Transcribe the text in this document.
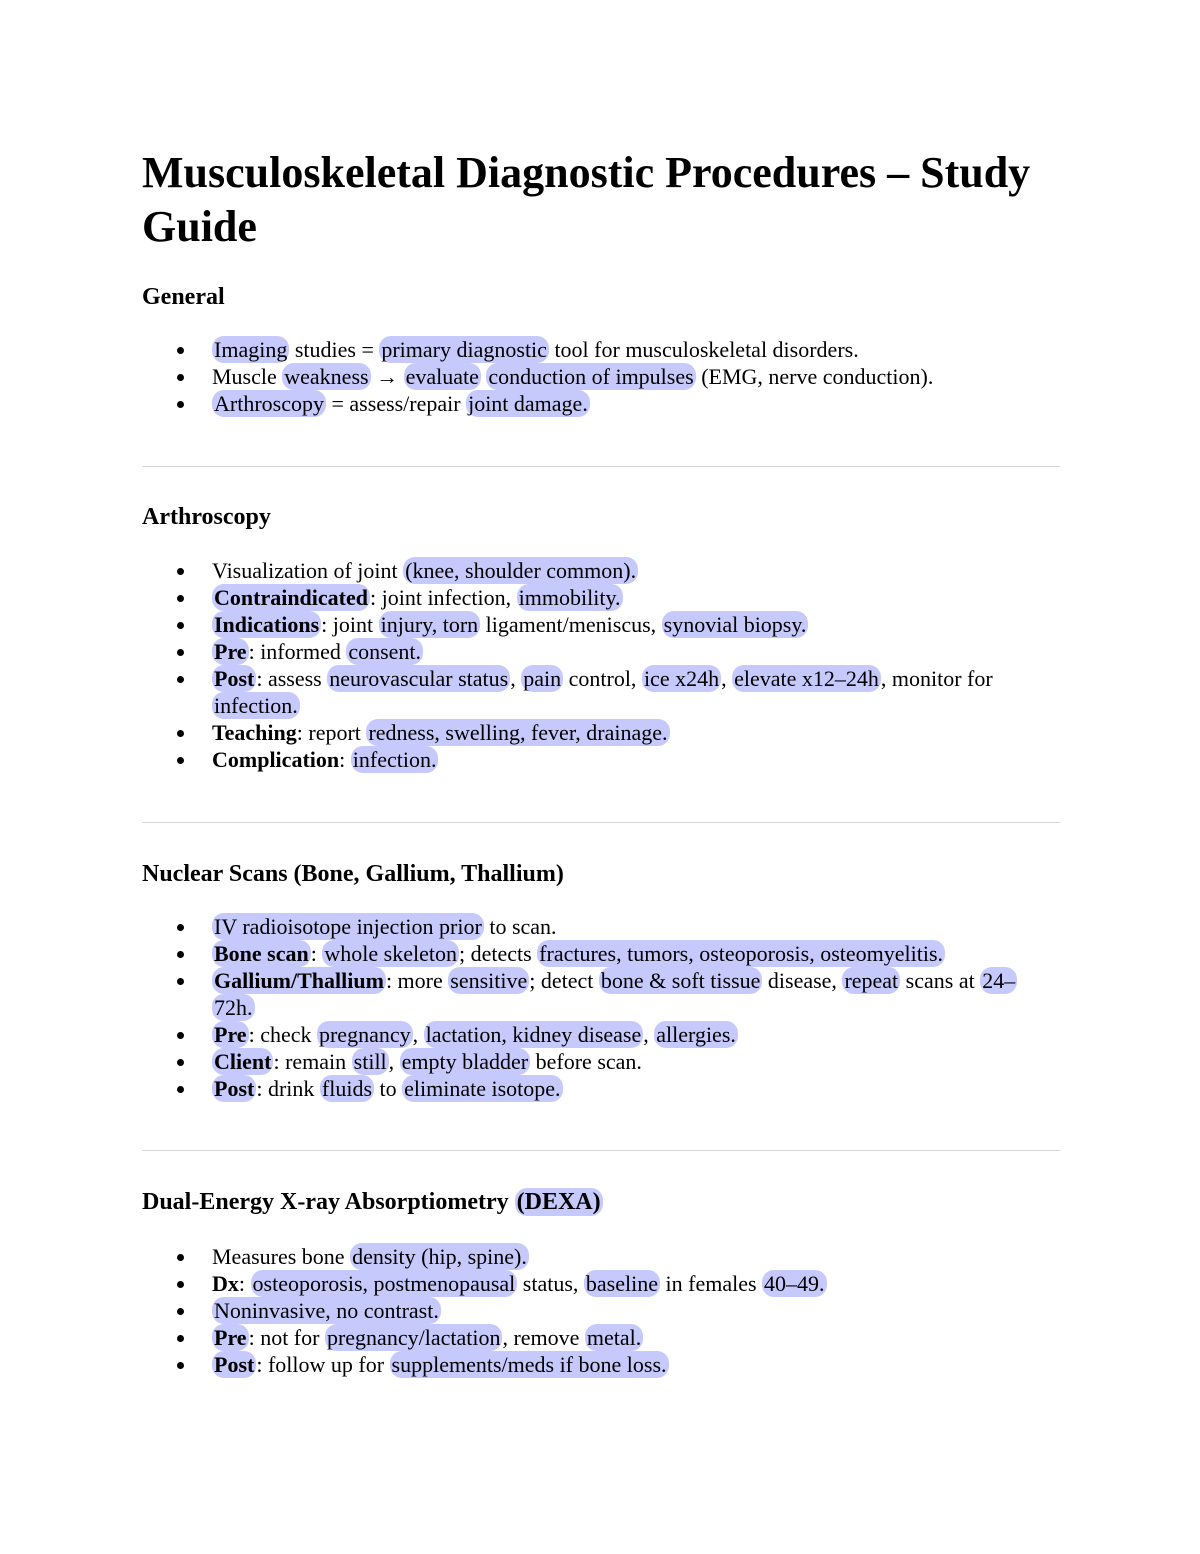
Musculoskeletal Diagnostic Procedures – Study Guide
General
Imaging studies = primary diagnostic tool for musculoskeletal disorders.
Muscle weakness → evaluate conduction of impulses (EMG, nerve conduction).
Arthroscopy = assess/repair joint damage.
Arthroscopy
Visualization of joint (knee, shoulder common).
Contraindicated: joint infection, immobility.
Indications: joint injury, torn ligament/meniscus, synovial biopsy.
Pre: informed consent.
Post: assess neurovascular status, pain control, ice x24h, elevate x12–24h, monitor for infection.
Teaching: report redness, swelling, fever, drainage.
Complication: infection.
Nuclear Scans (Bone, Gallium, Thallium)
IV radioisotope injection prior to scan.
Bone scan: whole skeleton; detects fractures, tumors, osteoporosis, osteomyelitis.
Gallium/Thallium: more sensitive; detect bone & soft tissue disease, repeat scans at 24–72h.
Pre: check pregnancy, lactation, kidney disease, allergies.
Client: remain still, empty bladder before scan.
Post: drink fluids to eliminate isotope.
Dual-Energy X-ray Absorptiometry (DEXA)
Measures bone density (hip, spine).
Dx: osteoporosis, postmenopausal status, baseline in females 40–49.
Noninvasive, no contrast.
Pre: not for pregnancy/lactation, remove metal.
Post: follow up for supplements/meds if bone loss.
